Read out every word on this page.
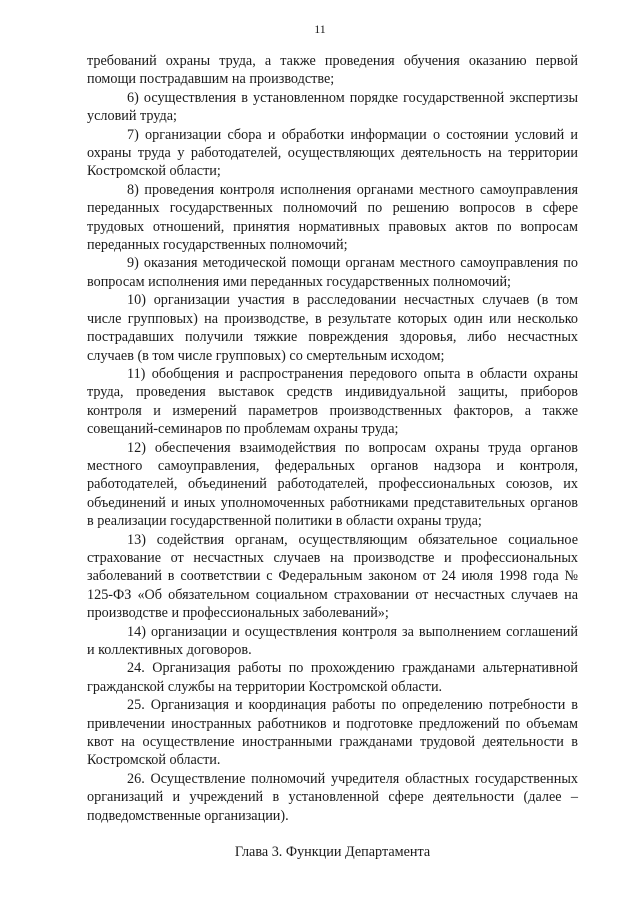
11

требований охраны труда, а также проведения обучения оказанию первой помощи пострадавшим на производстве;

6) осуществления в установленном порядке государственной экспертизы условий труда;

7) организации сбора и обработки информации о состоянии условий и охраны труда у работодателей, осуществляющих деятельность на территории Костромской области;

8) проведения контроля исполнения органами местного самоуправления переданных государственных полномочий по решению вопросов в сфере трудовых отношений, принятия нормативных правовых актов по вопросам переданных государственных полномочий;

9) оказания методической помощи органам местного самоуправления по вопросам исполнения ими переданных государственных полномочий;

10) организации участия в расследовании несчастных случаев (в том числе групповых) на производстве, в результате которых один или несколько пострадавших получили тяжкие повреждения здоровья, либо несчастных случаев (в том числе групповых) со смертельным исходом;

11) обобщения и распространения передового опыта в области охраны труда, проведения выставок средств индивидуальной защиты, приборов контроля и измерений параметров производственных факторов, а также совещаний-семинаров по проблемам охраны труда;

12) обеспечения взаимодействия по вопросам охраны труда органов местного самоуправления, федеральных органов надзора и контроля, работодателей, объединений работодателей, профессиональных союзов, их объединений и иных уполномоченных работниками представительных органов в реализации государственной политики в области охраны труда;

13) содействия органам, осуществляющим обязательное социальное страхование от несчастных случаев на производстве и профессиональных заболеваний в соответствии с Федеральным законом от 24 июля 1998 года № 125-ФЗ «Об обязательном социальном страховании от несчастных случаев на производстве и профессиональных заболеваний»;

14) организации и осуществления контроля за выполнением соглашений и коллективных договоров.

24. Организация работы по прохождению гражданами альтернативной гражданской службы на территории Костромской области.

25. Организация и координация работы по определению потребности в привлечении иностранных работников и подготовке предложений по объемам квот на осуществление иностранными гражданами трудовой деятельности в Костромской области.

26. Осуществление полномочий учредителя областных государственных организаций и учреждений в установленной сфере деятельности (далее – подведомственные организации).

Глава 3. Функции Департамента
